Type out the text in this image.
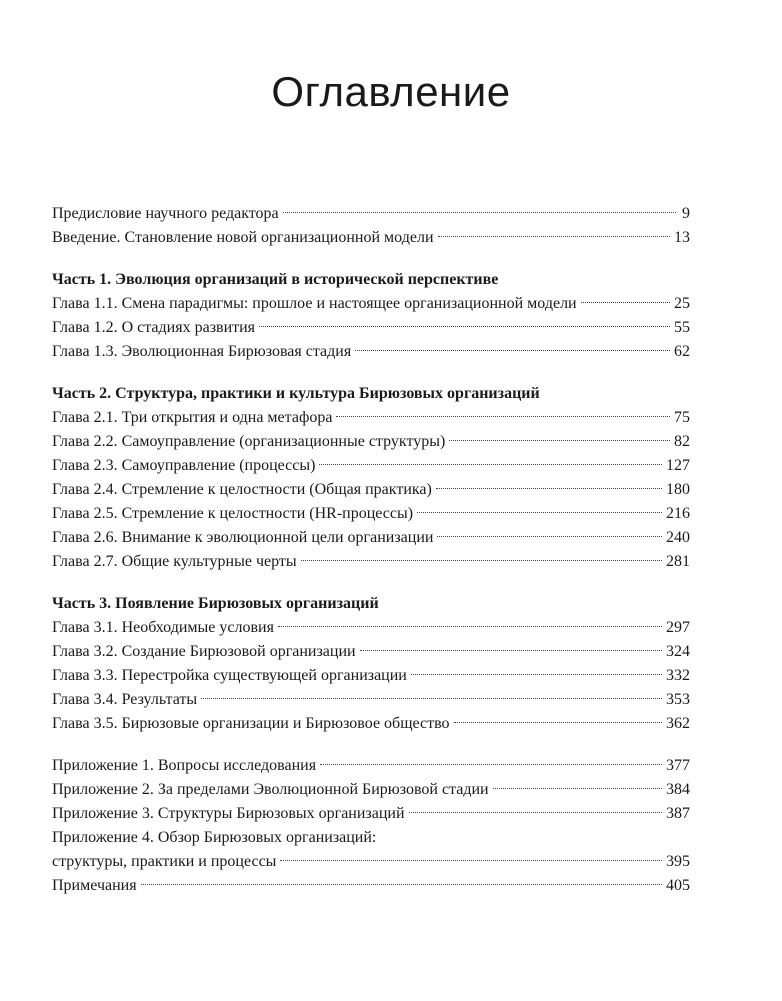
Оглавление
Предисловие научного редактора	9
Введение. Становление новой организационной модели	13
Часть 1. Эволюция организаций в исторической перспективе
Глава 1.1. Смена парадигмы: прошлое и настоящее организационной модели	25
Глава 1.2. О стадиях развития	55
Глава 1.3. Эволюционная Бирюзовая стадия	62
Часть 2. Структура, практики и культура Бирюзовых организаций
Глава 2.1. Три открытия и одна метафора	75
Глава 2.2. Самоуправление (организационные структуры)	82
Глава 2.3. Самоуправление (процессы)	127
Глава 2.4. Стремление к целостности (Общая практика)	180
Глава 2.5. Стремление к целостности (HR-процессы)	216
Глава 2.6. Внимание к эволюционной цели организации	240
Глава 2.7. Общие культурные черты	281
Часть 3. Появление Бирюзовых организаций
Глава 3.1. Необходимые условия	297
Глава 3.2. Создание Бирюзовой организации	324
Глава 3.3. Перестройка существующей организации	332
Глава 3.4. Результаты	353
Глава 3.5. Бирюзовые организации и Бирюзовое общество	362
Приложение 1. Вопросы исследования	377
Приложение 2. За пределами Эволюционной Бирюзовой стадии	384
Приложение 3. Структуры Бирюзовых организаций	387
Приложение 4. Обзор Бирюзовых организаций:
структуры, практики и процессы	395
Примечания	405
